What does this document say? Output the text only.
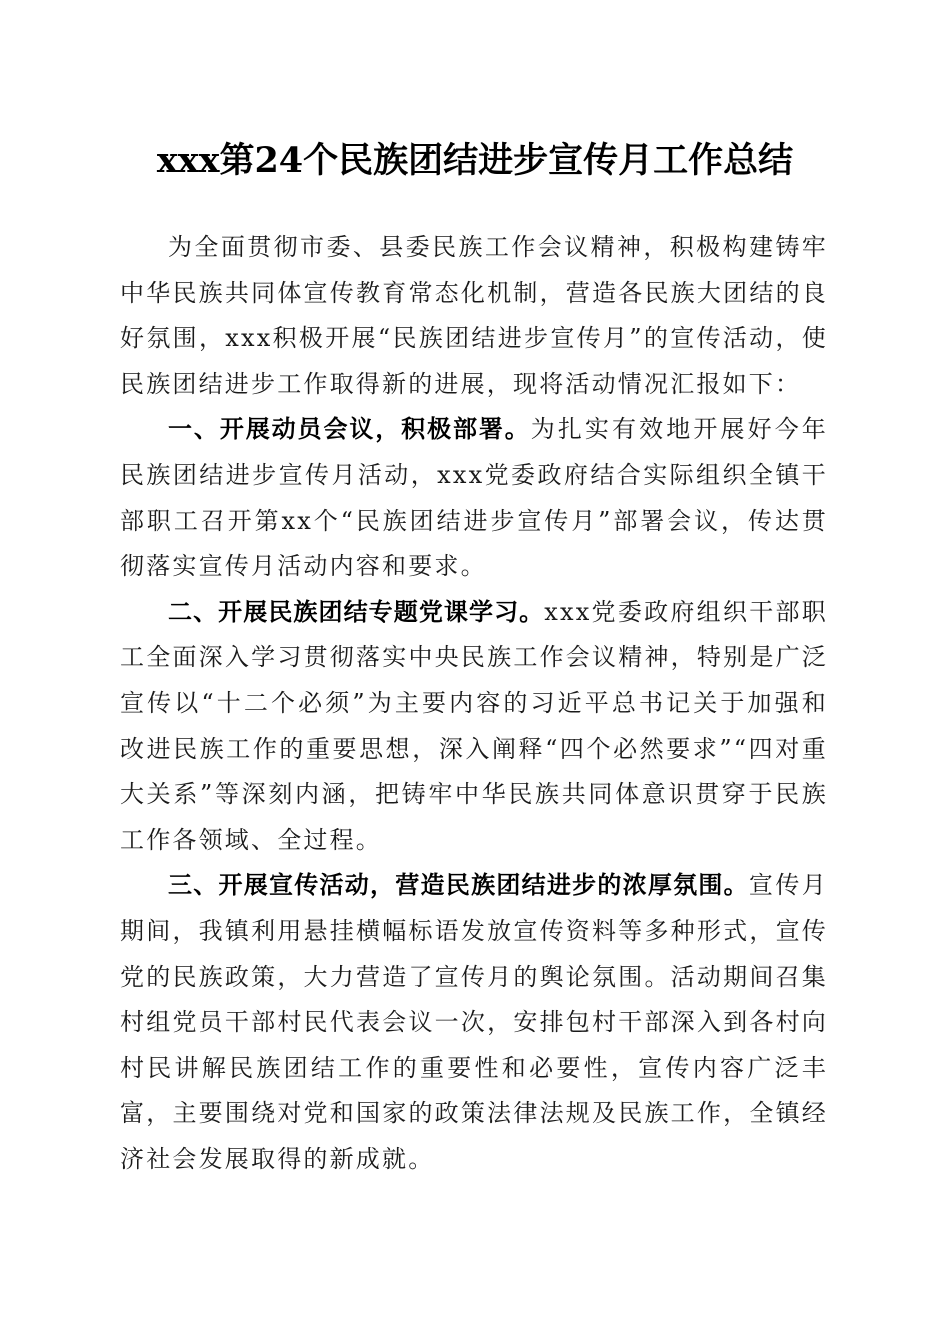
xxx第24个民族团结进步宣传月工作总结

为全面贯彻市委、县委民族工作会议精神，积极构建铸牢中华民族共同体宣传教育常态化机制，营造各民族大团结的良好氛围，xxx积极开展“民族团结进步宣传月”的宣传活动，使民族团结进步工作取得新的进展，现将活动情况汇报如下：

一、开展动员会议，积极部署。为扎实有效地开展好今年民族团结进步宣传月活动，xxx党委政府结合实际组织全镇干部职工召开第xx个“民族团结进步宣传月”部署会议，传达贯彻落实宣传月活动内容和要求。

二、开展民族团结专题党课学习。xxx党委政府组织干部职工全面深入学习贯彻落实中央民族工作会议精神，特别是广泛宣传以“十二个必须”为主要内容的习近平总书记关于加强和改进民族工作的重要思想，深入阐释“四个必然要求”“四对重大关系”等深刻内涵，把铸牢中华民族共同体意识贯穿于民族工作各领域、全过程。

三、开展宣传活动，营造民族团结进步的浓厚氛围。宣传月期间，我镇利用悬挂横幅标语发放宣传资料等多种形式，宣传党的民族政策，大力营造了宣传月的舆论氛围。活动期间召集村组党员干部村民代表会议一次，安排包村干部深入到各村向村民讲解民族团结工作的重要性和必要性，宣传内容广泛丰富，主要围绕对党和国家的政策法律法规及民族工作，全镇经济社会发展取得的新成就。
